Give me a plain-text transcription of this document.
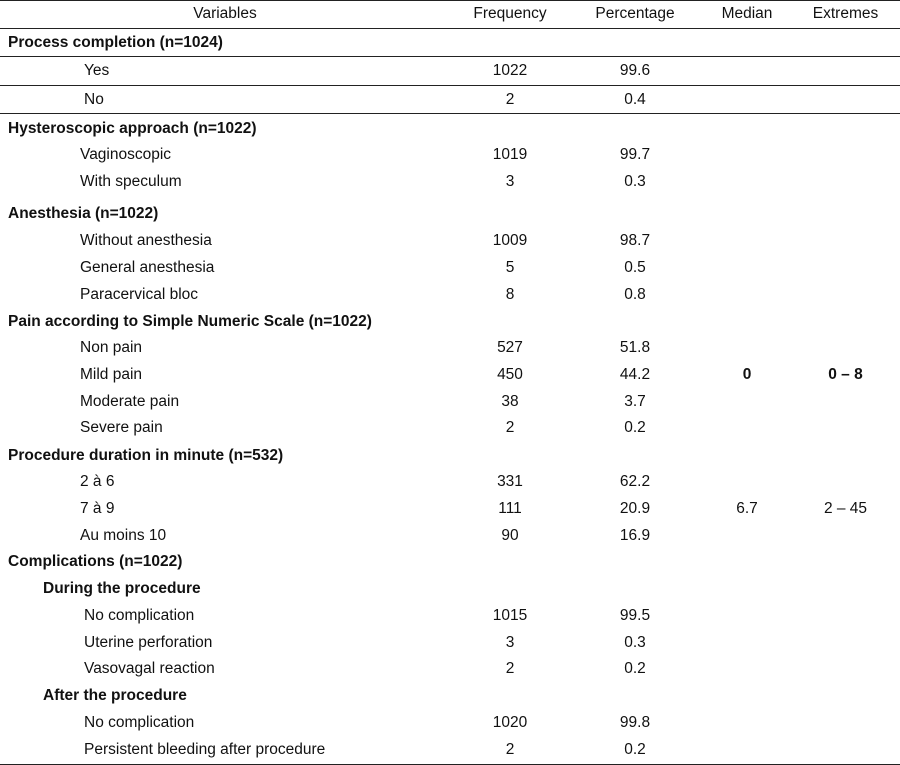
Variables	Frequency	Percentage	Median	Extremes
Process completion (n=1024)
Yes	1022	99.6
No	2	0.4
Hysteroscopic approach (n=1022)
Vaginoscopic	1019	99.7
With speculum	3	0.3
Anesthesia (n=1022)
Without anesthesia	1009	98.7
General anesthesia	5	0.5
Paracervical bloc	8	0.8
Pain according to Simple Numeric Scale (n=1022)
Non pain	527	51.8
Mild pain	450	44.2	0	0 – 8
Moderate pain	38	3.7
Severe pain	2	0.2
Procedure duration in minute (n=532)
2 à 6	331	62.2
7 à 9	111	20.9	6.7	2 – 45
Au moins 10	90	16.9
Complications (n=1022)
During the procedure
No complication	1015	99.5
Uterine perforation	3	0.3
Vasovagal reaction	2	0.2
After the procedure
No complication	1020	99.8
Persistent bleeding after procedure	2	0.2
